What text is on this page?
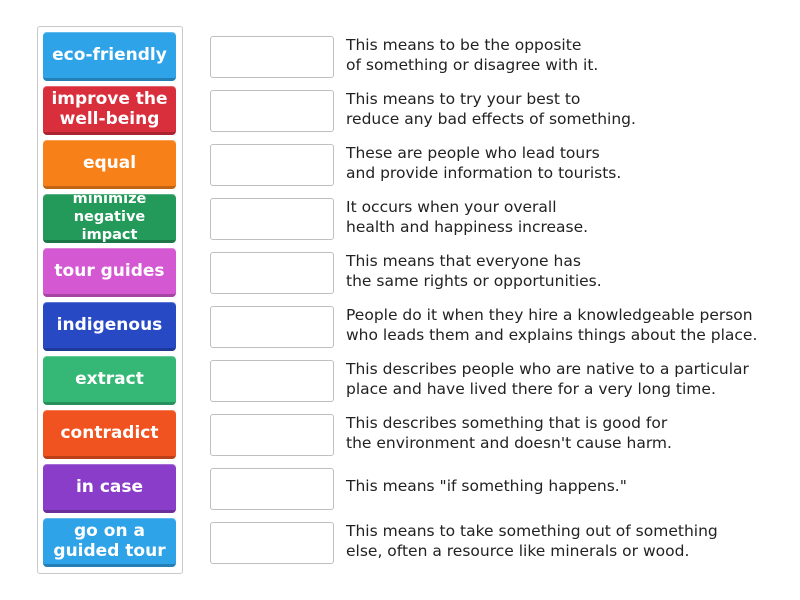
eco-friendly
improve the well-being
equal
minimize negative impact
tour guides
indigenous
extract
contradict
in case
go on a guided tour
This means to be the opposite
of something or disagree with it.
This means to try your best to
reduce any bad effects of something.
These are people who lead tours
and provide information to tourists.
It occurs when your overall
health and happiness increase.
This means that everyone has
the same rights or opportunities.
People do it when they hire a knowledgeable person
who leads them and explains things about the place.
This describes people who are native to a particular
place and have lived there for a very long time.
This describes something that is good for
the environment and doesn't cause harm.
This means "if something happens."
This means to take something out of something
else, often a resource like minerals or wood.
